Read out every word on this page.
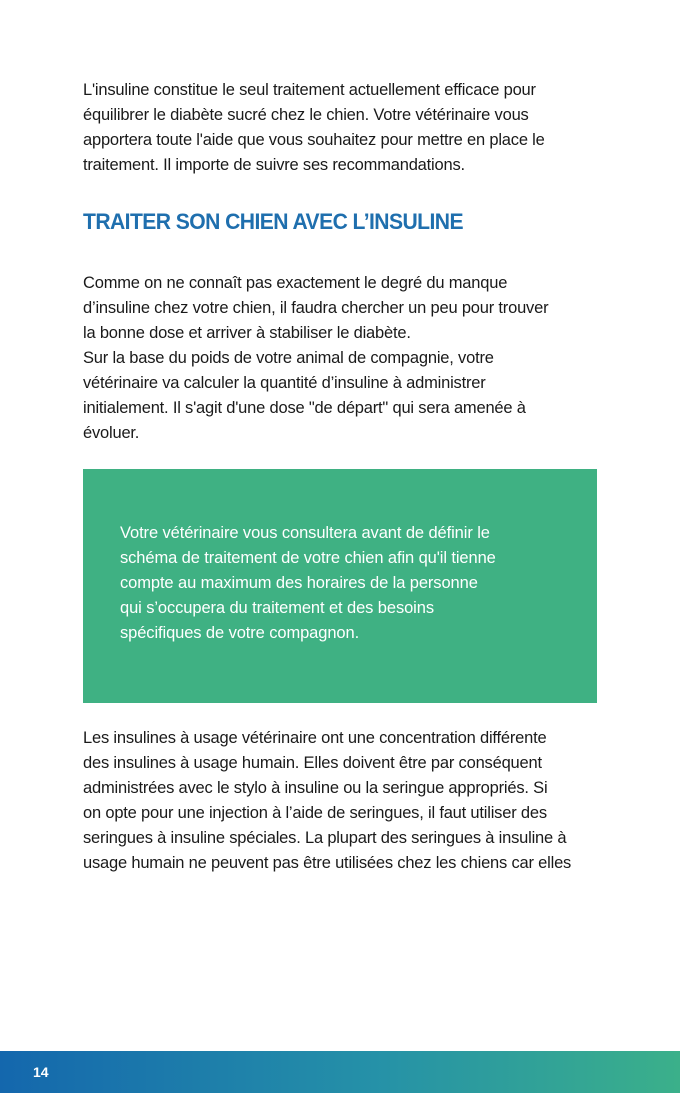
L'insuline constitue le seul traitement actuellement efficace pour
équilibrer le diabète sucré chez le chien. Votre vétérinaire vous
apportera toute l'aide que vous souhaitez pour mettre en place le
traitement. Il importe de suivre ses recommandations.
TRAITER SON CHIEN AVEC L’INSULINE
Comme on ne connaît pas exactement le degré du manque
d’insuline chez votre chien, il faudra chercher un peu pour trouver
la bonne dose et arriver à stabiliser le diabète.
Sur la base du poids de votre animal de compagnie, votre
vétérinaire va calculer la quantité d’insuline à administrer
initialement. Il s'agit d'une dose "de départ" qui sera amenée à
évoluer.
Votre vétérinaire vous consultera avant de définir le
schéma de traitement de votre chien afin qu'il tienne
compte au maximum des horaires de la personne
qui s’occupera du traitement et des besoins
spécifiques de votre compagnon.
Les insulines à usage vétérinaire ont une concentration différente
des insulines à usage humain. Elles doivent être par conséquent
administrées avec le stylo à insuline ou la seringue appropriés. Si
on opte pour une injection à l’aide de seringues, il faut utiliser des
seringues à insuline spéciales. La plupart des seringues à insuline à
usage humain ne peuvent pas être utilisées chez les chiens car elles
14
